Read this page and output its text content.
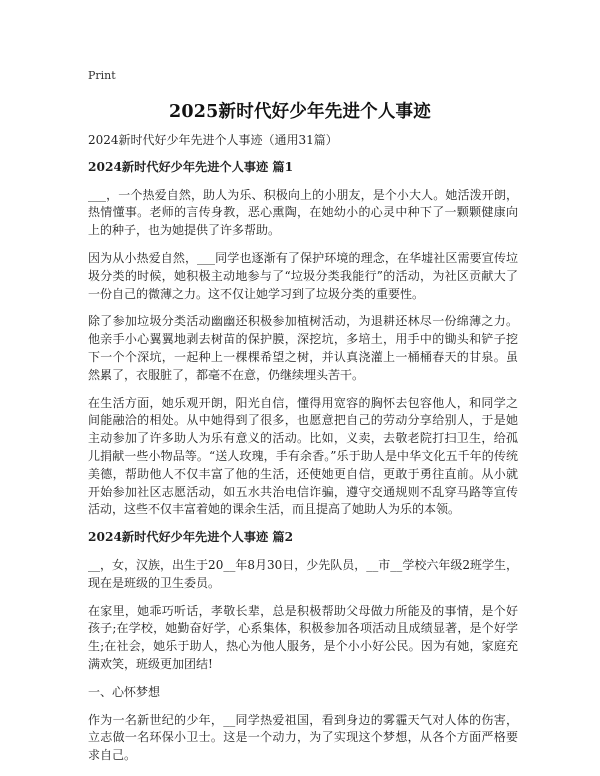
Print
2025新时代好少年先进个人事迹

2024新时代好少年先进个人事迹（通用31篇）

2024新时代好少年先进个人事迹 篇1

___，一个热爱自然，助人为乐、积极向上的小朋友，是个小大人。她活泼开朗，热情懂事。老师的言传身教，恶心熏陶，在她幼小的心灵中种下了一颗颗健康向上的种子，也为她提供了许多帮助。

因为从小热爱自然，___同学也逐渐有了保护环境的理念，在华墟社区需要宣传垃圾分类的时候，她积极主动地参与了“垃圾分类我能行”的活动，为社区贡献大了一份自己的微薄之力。这不仅让她学习到了垃圾分类的重要性。

除了参加垃圾分类活动幽幽还积极参加植树活动，为退耕还林尽一份绵薄之力。他亲手小心翼翼地剥去树苗的保护膜，深挖坑，多培土，用手中的锄头和铲子挖下一个个深坑，一起种上一棵棵希望之树，并认真浇灌上一桶桶春天的甘泉。虽然累了，衣服脏了，都毫不在意，仍继续埋头苦干。

在生活方面，她乐观开朗，阳光自信，懂得用宽容的胸怀去包容他人，和同学之间能融洽的相处。从中她得到了很多，也愿意把自己的劳动分享给别人，于是她主动参加了许多助人为乐有意义的活动。比如，义卖，去敬老院打扫卫生，给孤儿捐献一些小物品等。“送人玫瑰，手有余香。”乐于助人是中华文化五千年的传统美德，帮助他人不仅丰富了他的生活，还使她更自信，更敢于勇往直前。从小就开始参加社区志愿活动，如五水共治电信诈骗，遵守交通规则不乱穿马路等宣传活动，这些不仅丰富着她的课余生活，而且提高了她助人为乐的本领。

2024新时代好少年先进个人事迹 篇2

__，女，汉族，出生于20__年8月30日，少先队员，__市__学校六年级2班学生，现在是班级的卫生委员。

在家里，她乖巧听话，孝敬长辈，总是积极帮助父母做力所能及的事情，是个好孩子;在学校，她勤奋好学，心系集体，积极参加各项活动且成绩显著，是个好学生;在社会，她乐于助人，热心为他人服务，是个小小好公民。因为有她，家庭充满欢笑，班级更加团结!

一、心怀梦想

作为一名新世纪的少年，__同学热爱祖国，看到身边的雾霾天气对人体的伤害，立志做一名环保小卫士。这是一个动力，为了实现这个梦想，从各个方面严格要求自己。
